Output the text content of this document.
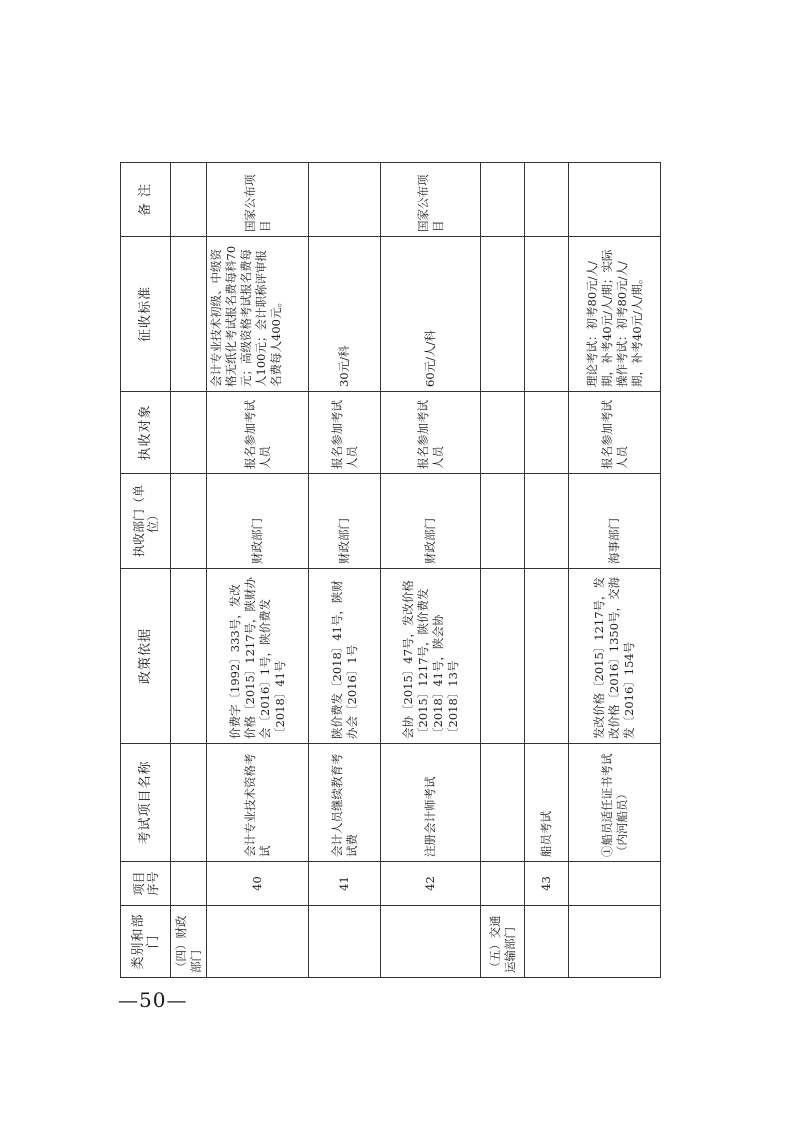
类别和部门	项目序号	考试项目名称	政策依据	执收部门（单位）	执收对象	征收标准	备 注
（四）财政部门							
	40	会计专业技术资格考试	价费字〔1992〕333号，发改价格〔2015〕1217号，陕财办会〔2016〕1号，陕价费发〔2018〕41号	财政部门	报名参加考试人员	会计专业技术初级、中级资格无纸化考试报名费每科70元；高级资格考试报名费每人100元；会计职称评审报名费每人400元。	国家公布项目
	41	会计人员继续教育考试费	陕价费发〔2018〕41号，陕财办会〔2016〕1号	财政部门	报名参加考试人员	30元/科	
	42	注册会计师考试	会协〔2015〕47号，发改价格〔2015〕1217号，陕价费发〔2018〕41号，陕会协〔2018〕13号	财政部门	报名参加考试人员	60元/人/科	国家公布项目
（五）交通运输部门							
	43	船员考试					
		①船员适任证书考试（内河船员）	发改价格〔2015〕1217号，发改价格〔2016〕1350号，交海发〔2016〕154号	海事部门	报名参加考试人员	理论考试：初考80元/人/期，补考40元/人/期；实际操作考试：初考80元/人/期，补考40元/人/期。	
—50—
